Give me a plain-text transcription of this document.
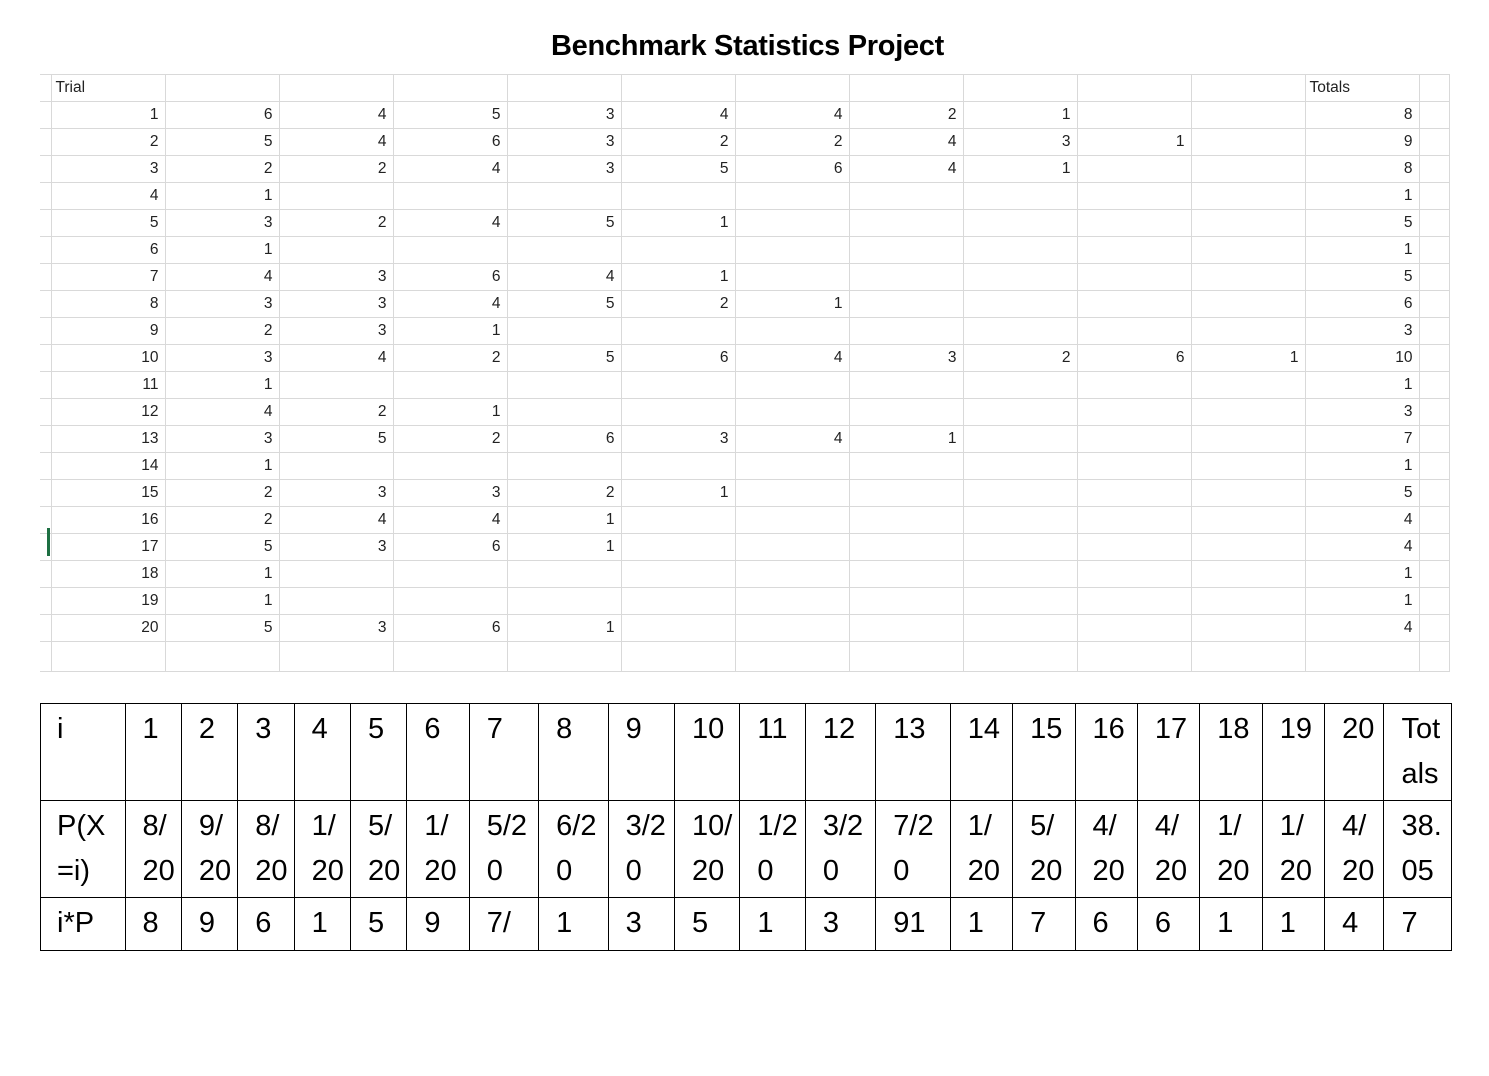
Benchmark Statistics Project
	Trial											Totals	
	1	6	4	5	3	4	4	2	1			8	
	2	5	4	6	3	2	2	4	3	1		9	
	3	2	2	4	3	5	6	4	1			8	
	4	1										1	
	5	3	2	4	5	1						5	
	6	1										1	
	7	4	3	6	4	1						5	
	8	3	3	4	5	2	1					6	
	9	2	3	1								3	
	10	3	4	2	5	6	4	3	2	6	1	10	
	11	1										1	
	12	4	2	1								3	
	13	3	5	2	6	3	4	1				7	
	14	1										1	
	15	2	3	3	2	1						5	
	16	2	4	4	1							4	
	17	5	3	6	1							4	
	18	1										1	
	19	1										1	
	20	5	3	6	1							4	

i	1	2	3	4	5	6	7	8	9	10	11	12	13	14	15	16	17	18	19	20	Totals
P(X=i)	8/20	9/20	8/20	1/20	5/20	1/20	5/20	6/20	3/20	10/20	1/20	3/20	7/20	1/20	5/20	4/20	4/20	1/20	1/20	4/20	38.05
i*P	8	9	6	1	5	9	7/	1	3	5	1	3	91	1	7	6	6	1	1	4	7
